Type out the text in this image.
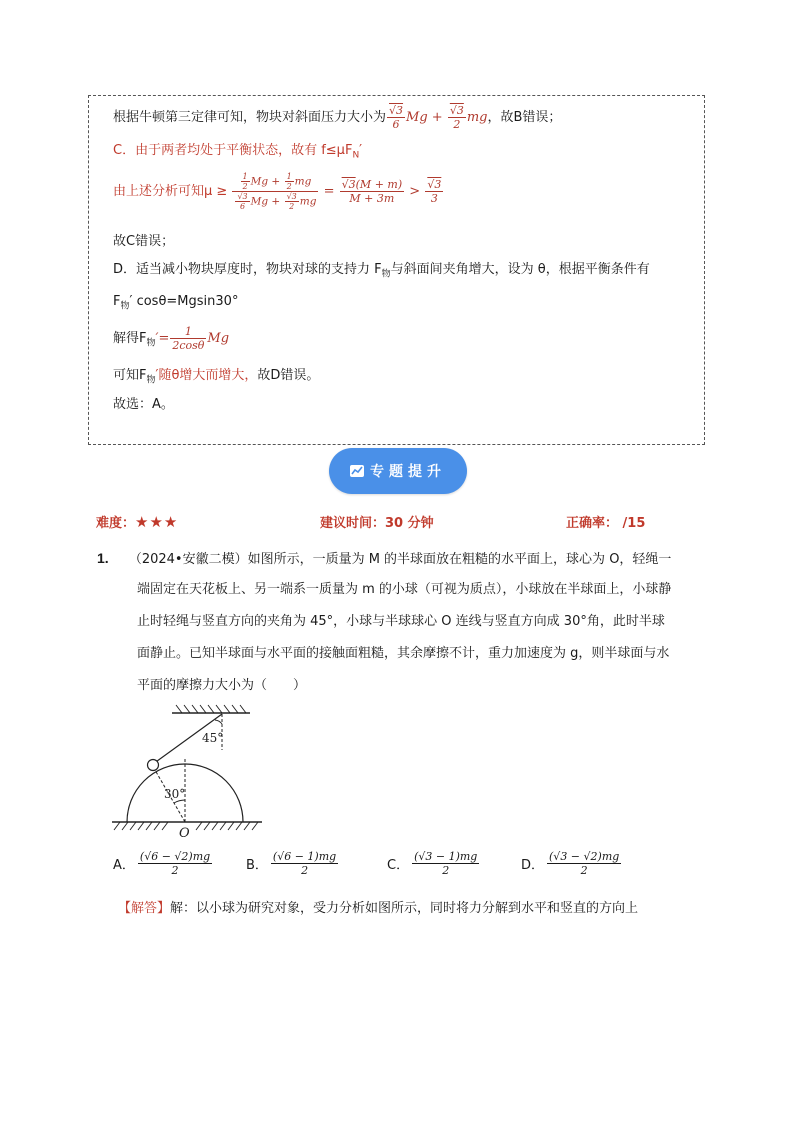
根据牛顿第三定律可知，物块对斜面压力大小为 $\frac{√3}{6}$ $Mg + \frac{√3}{2}$ mg，故B错误；
C．由于两者均处于平衡状态，故有 $f\le\mu F_N'$
由上述分析可知$\mu \ge \frac{\frac{1}{2} Mg + \frac{1}{2} mg}{\frac{√3}{6} Mg + \frac{√3}{2} mg} = \frac{√3(M + m)}{M + 3m} > \frac{√3}{3}$
故C错误；
D．适当减小物块厚度时，物块对球的支持力 $F_物$与斜面间夹角增大，设为 θ，根据平衡条件有
$F_物'$ cosθ=Mgsin30°
解得$F_物'= \frac{1}{2\cos\theta}$ Mg
可知$F_物'$随θ增大而增大，故D错误。
故选：A。
专题提升
难度：★★★	建议时间：30 分钟	正确率： /15
1. （2024•安徽二模）如图所示，一质量为 M 的半球面放在粗糙的水平面上，球心为 O，轻绳一
端固定在天花板上、另一端系一质量为 m 的小球（可视为质点），小球放在半球面上，小球静
止时轻绳与竖直方向的夹角为 45°，小球与半球球心 O 连线与竖直方向成 30°角，此时半球
面静止。已知半球面与水平面的接触面粗糙，其余摩擦不计，重力加速度为 g，则半球面与水
平面的摩擦力大小为（　　）
45°
30°
O
A． $\frac{(√6 - √2)mg}{2}$	B． $\frac{(√6 - 1)mg}{2}$	C． $\frac{(√3 - 1)mg}{2}$	D． $\frac{(√3 - √2)mg}{2}$
【解答】解：以小球为研究对象，受力分析如图所示，同时将力分解到水平和竖直的方向上
